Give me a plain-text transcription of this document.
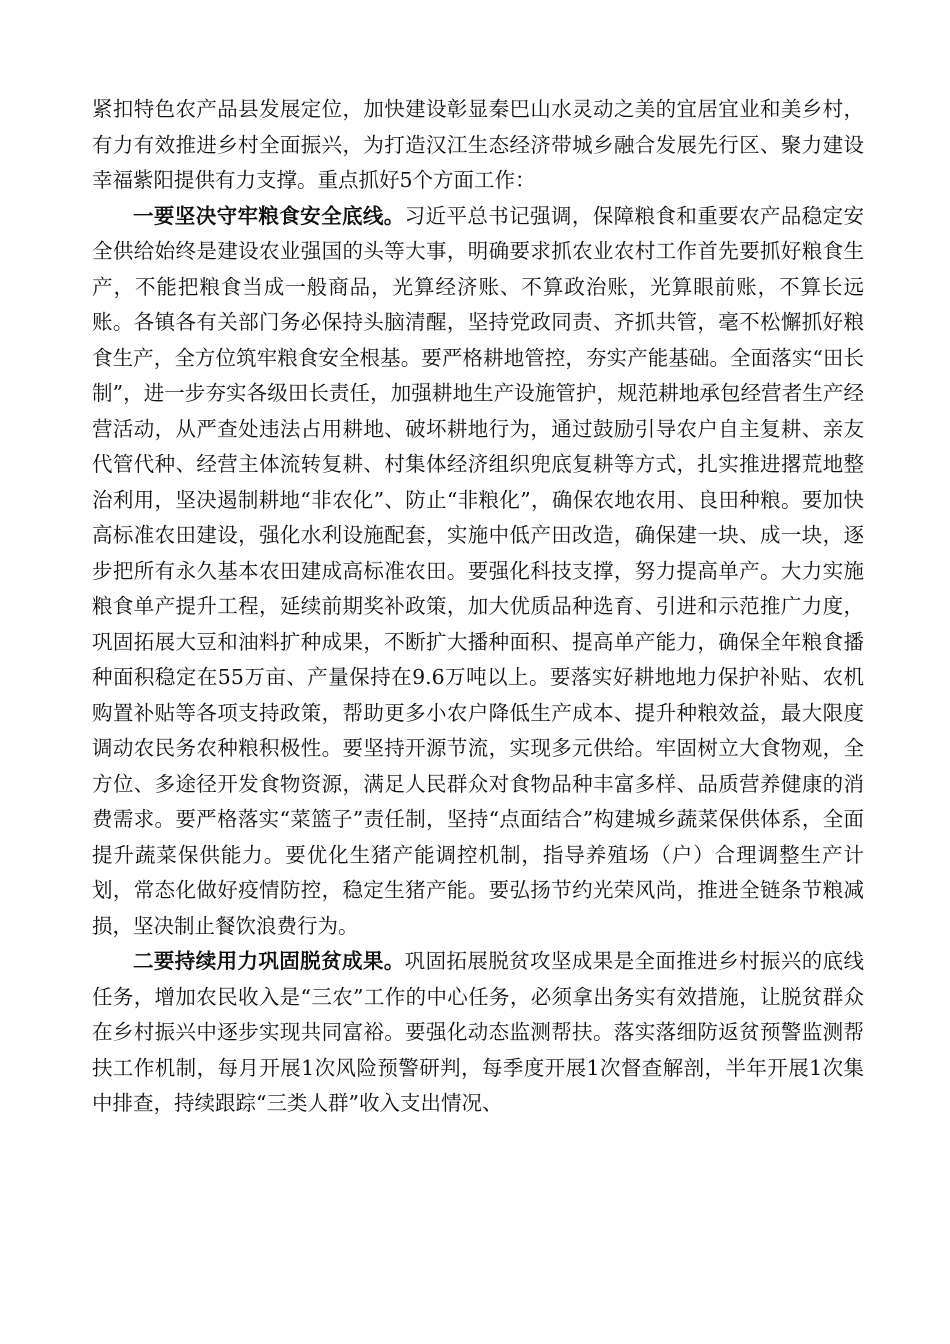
紧扣特色农产品县发展定位，加快建设彰显秦巴山水灵动之美的宜居宜业和美乡村，有力有效推进乡村全面振兴，为打造汉江生态经济带城乡融合发展先行区、聚力建设幸福紫阳提供有力支撑。重点抓好5个方面工作：

一要坚决守牢粮食安全底线。习近平总书记强调，保障粮食和重要农产品稳定安全供给始终是建设农业强国的头等大事，明确要求抓农业农村工作首先要抓好粮食生产，不能把粮食当成一般商品，光算经济账、不算政治账，光算眼前账，不算长远账。各镇各有关部门务必保持头脑清醒，坚持党政同责、齐抓共管，毫不松懈抓好粮食生产，全方位筑牢粮食安全根基。要严格耕地管控，夯实产能基础。全面落实“田长制”，进一步夯实各级田长责任，加强耕地生产设施管护，规范耕地承包经营者生产经营活动，从严查处违法占用耕地、破坏耕地行为，通过鼓励引导农户自主复耕、亲友代管代种、经营主体流转复耕、村集体经济组织兜底复耕等方式，扎实推进撂荒地整治利用，坚决遏制耕地“非农化”、防止“非粮化”，确保农地农用、良田种粮。要加快高标准农田建设，强化水利设施配套，实施中低产田改造，确保建一块、成一块，逐步把所有永久基本农田建成高标准农田。要强化科技支撑，努力提高单产。大力实施粮食单产提升工程，延续前期奖补政策，加大优质品种选育、引进和示范推广力度，巩固拓展大豆和油料扩种成果，不断扩大播种面积、提高单产能力，确保全年粮食播种面积稳定在55万亩、产量保持在9.6万吨以上。要落实好耕地地力保护补贴、农机购置补贴等各项支持政策，帮助更多小农户降低生产成本、提升种粮效益，最大限度调动农民务农种粮积极性。要坚持开源节流，实现多元供给。牢固树立大食物观，全方位、多途径开发食物资源，满足人民群众对食物品种丰富多样、品质营养健康的消费需求。要严格落实“菜篮子”责任制，坚持“点面结合”构建城乡蔬菜保供体系，全面提升蔬菜保供能力。要优化生猪产能调控机制，指导养殖场（户）合理调整生产计划，常态化做好疫情防控，稳定生猪产能。要弘扬节约光荣风尚，推进全链条节粮减损，坚决制止餐饮浪费行为。

二要持续用力巩固脱贫成果。巩固拓展脱贫攻坚成果是全面推进乡村振兴的底线任务，增加农民收入是“三农”工作的中心任务，必须拿出务实有效措施，让脱贫群众在乡村振兴中逐步实现共同富裕。要强化动态监测帮扶。落实落细防返贫预警监测帮扶工作机制，每月开展1次风险预警研判，每季度开展1次督查解剖，半年开展1次集中排查，持续跟踪“三类人群”收入支出情况、
